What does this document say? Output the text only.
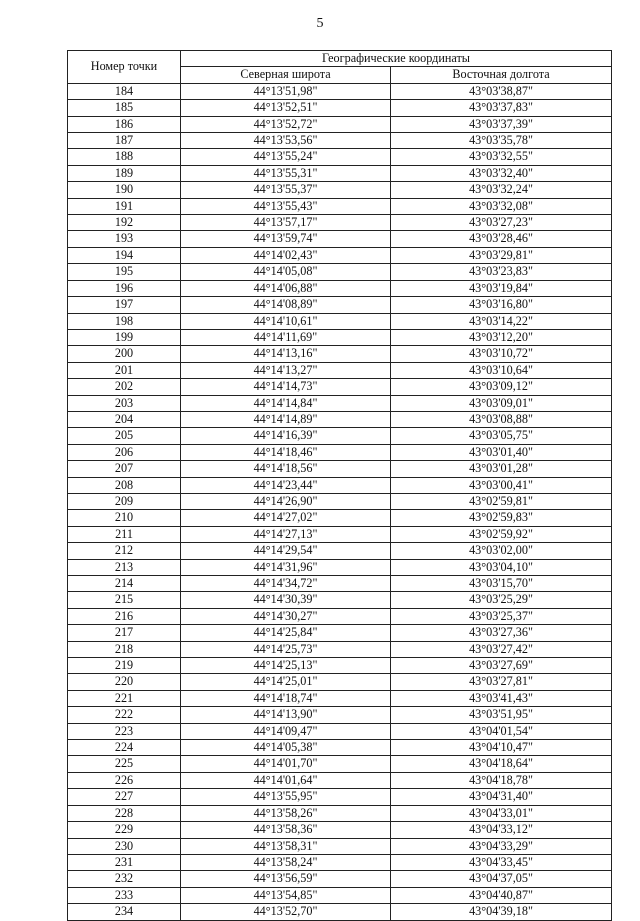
5
Номер точки	Географические координаты	
	Северная широта	Восточная долгота
184	44°13'51,98"	43°03'38,87"
185	44°13'52,51"	43°03'37,83"
186	44°13'52,72"	43°03'37,39"
187	44°13'53,56"	43°03'35,78"
188	44°13'55,24"	43°03'32,55"
189	44°13'55,31"	43°03'32,40"
190	44°13'55,37"	43°03'32,24"
191	44°13'55,43"	43°03'32,08"
192	44°13'57,17"	43°03'27,23"
193	44°13'59,74"	43°03'28,46"
194	44°14'02,43"	43°03'29,81"
195	44°14'05,08"	43°03'23,83"
196	44°14'06,88"	43°03'19,84"
197	44°14'08,89"	43°03'16,80"
198	44°14'10,61"	43°03'14,22"
199	44°14'11,69"	43°03'12,20"
200	44°14'13,16"	43°03'10,72"
201	44°14'13,27"	43°03'10,64"
202	44°14'14,73"	43°03'09,12"
203	44°14'14,84"	43°03'09,01"
204	44°14'14,89"	43°03'08,88"
205	44°14'16,39"	43°03'05,75"
206	44°14'18,46"	43°03'01,40"
207	44°14'18,56"	43°03'01,28"
208	44°14'23,44"	43°03'00,41"
209	44°14'26,90"	43°02'59,81"
210	44°14'27,02"	43°02'59,83"
211	44°14'27,13"	43°02'59,92"
212	44°14'29,54"	43°03'02,00"
213	44°14'31,96"	43°03'04,10"
214	44°14'34,72"	43°03'15,70"
215	44°14'30,39"	43°03'25,29"
216	44°14'30,27"	43°03'25,37"
217	44°14'25,84"	43°03'27,36"
218	44°14'25,73"	43°03'27,42"
219	44°14'25,13"	43°03'27,69"
220	44°14'25,01"	43°03'27,81"
221	44°14'18,74"	43°03'41,43"
222	44°14'13,90"	43°03'51,95"
223	44°14'09,47"	43°04'01,54"
224	44°14'05,38"	43°04'10,47"
225	44°14'01,70"	43°04'18,64"
226	44°14'01,64"	43°04'18,78"
227	44°13'55,95"	43°04'31,40"
228	44°13'58,26"	43°04'33,01"
229	44°13'58,36"	43°04'33,12"
230	44°13'58,31"	43°04'33,29"
231	44°13'58,24"	43°04'33,45"
232	44°13'56,59"	43°04'37,05"
233	44°13'54,85"	43°04'40,87"
234	44°13'52,70"	43°04'39,18"
